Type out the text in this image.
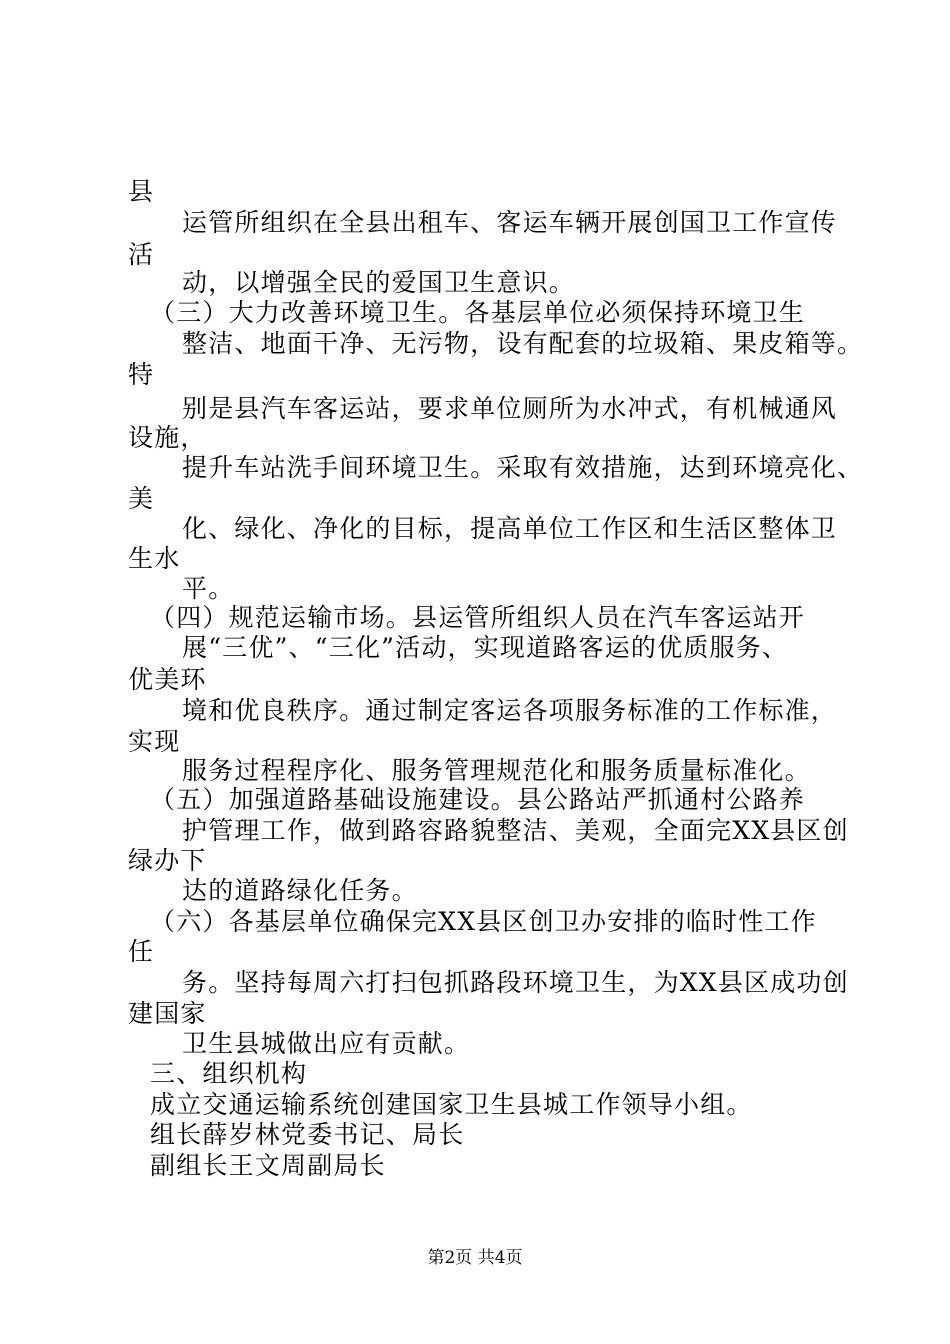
县
运管所组织在全县出租车、客运车辆开展创国卫工作宣传
活
动，以增强全民的爱国卫生意识。
（三）大力改善环境卫生。各基层单位必须保持环境卫生
整洁、地面干净、无污物，设有配套的垃圾箱、果皮箱等。
特
别是县汽车客运站，要求单位厕所为水冲式，有机械通风
设施，
提升车站洗手间环境卫生。采取有效措施，达到环境亮化、
美
化、绿化、净化的目标，提高单位工作区和生活区整体卫
生水
平。
（四）规范运输市场。县运管所组织人员在汽车客运站开
展“三优”、“三化”活动，实现道路客运的优质服务、
优美环
境和优良秩序。通过制定客运各项服务标准的工作标准，
实现
服务过程程序化、服务管理规范化和服务质量标准化。
（五）加强道路基础设施建设。县公路站严抓通村公路养
护管理工作，做到路容路貌整洁、美观，全面完XX县区创
绿办下
达的道路绿化任务。
（六）各基层单位确保完XX县区创卫办安排的临时性工作
任
务。坚持每周六打扫包抓路段环境卫生，为XX县区成功创
建国家
卫生县城做出应有贡献。
三、组织机构
成立交通运输系统创建国家卫生县城工作领导小组。
组长薛岁林党委书记、局长
副组长王文周副局长
第2页 共4页
